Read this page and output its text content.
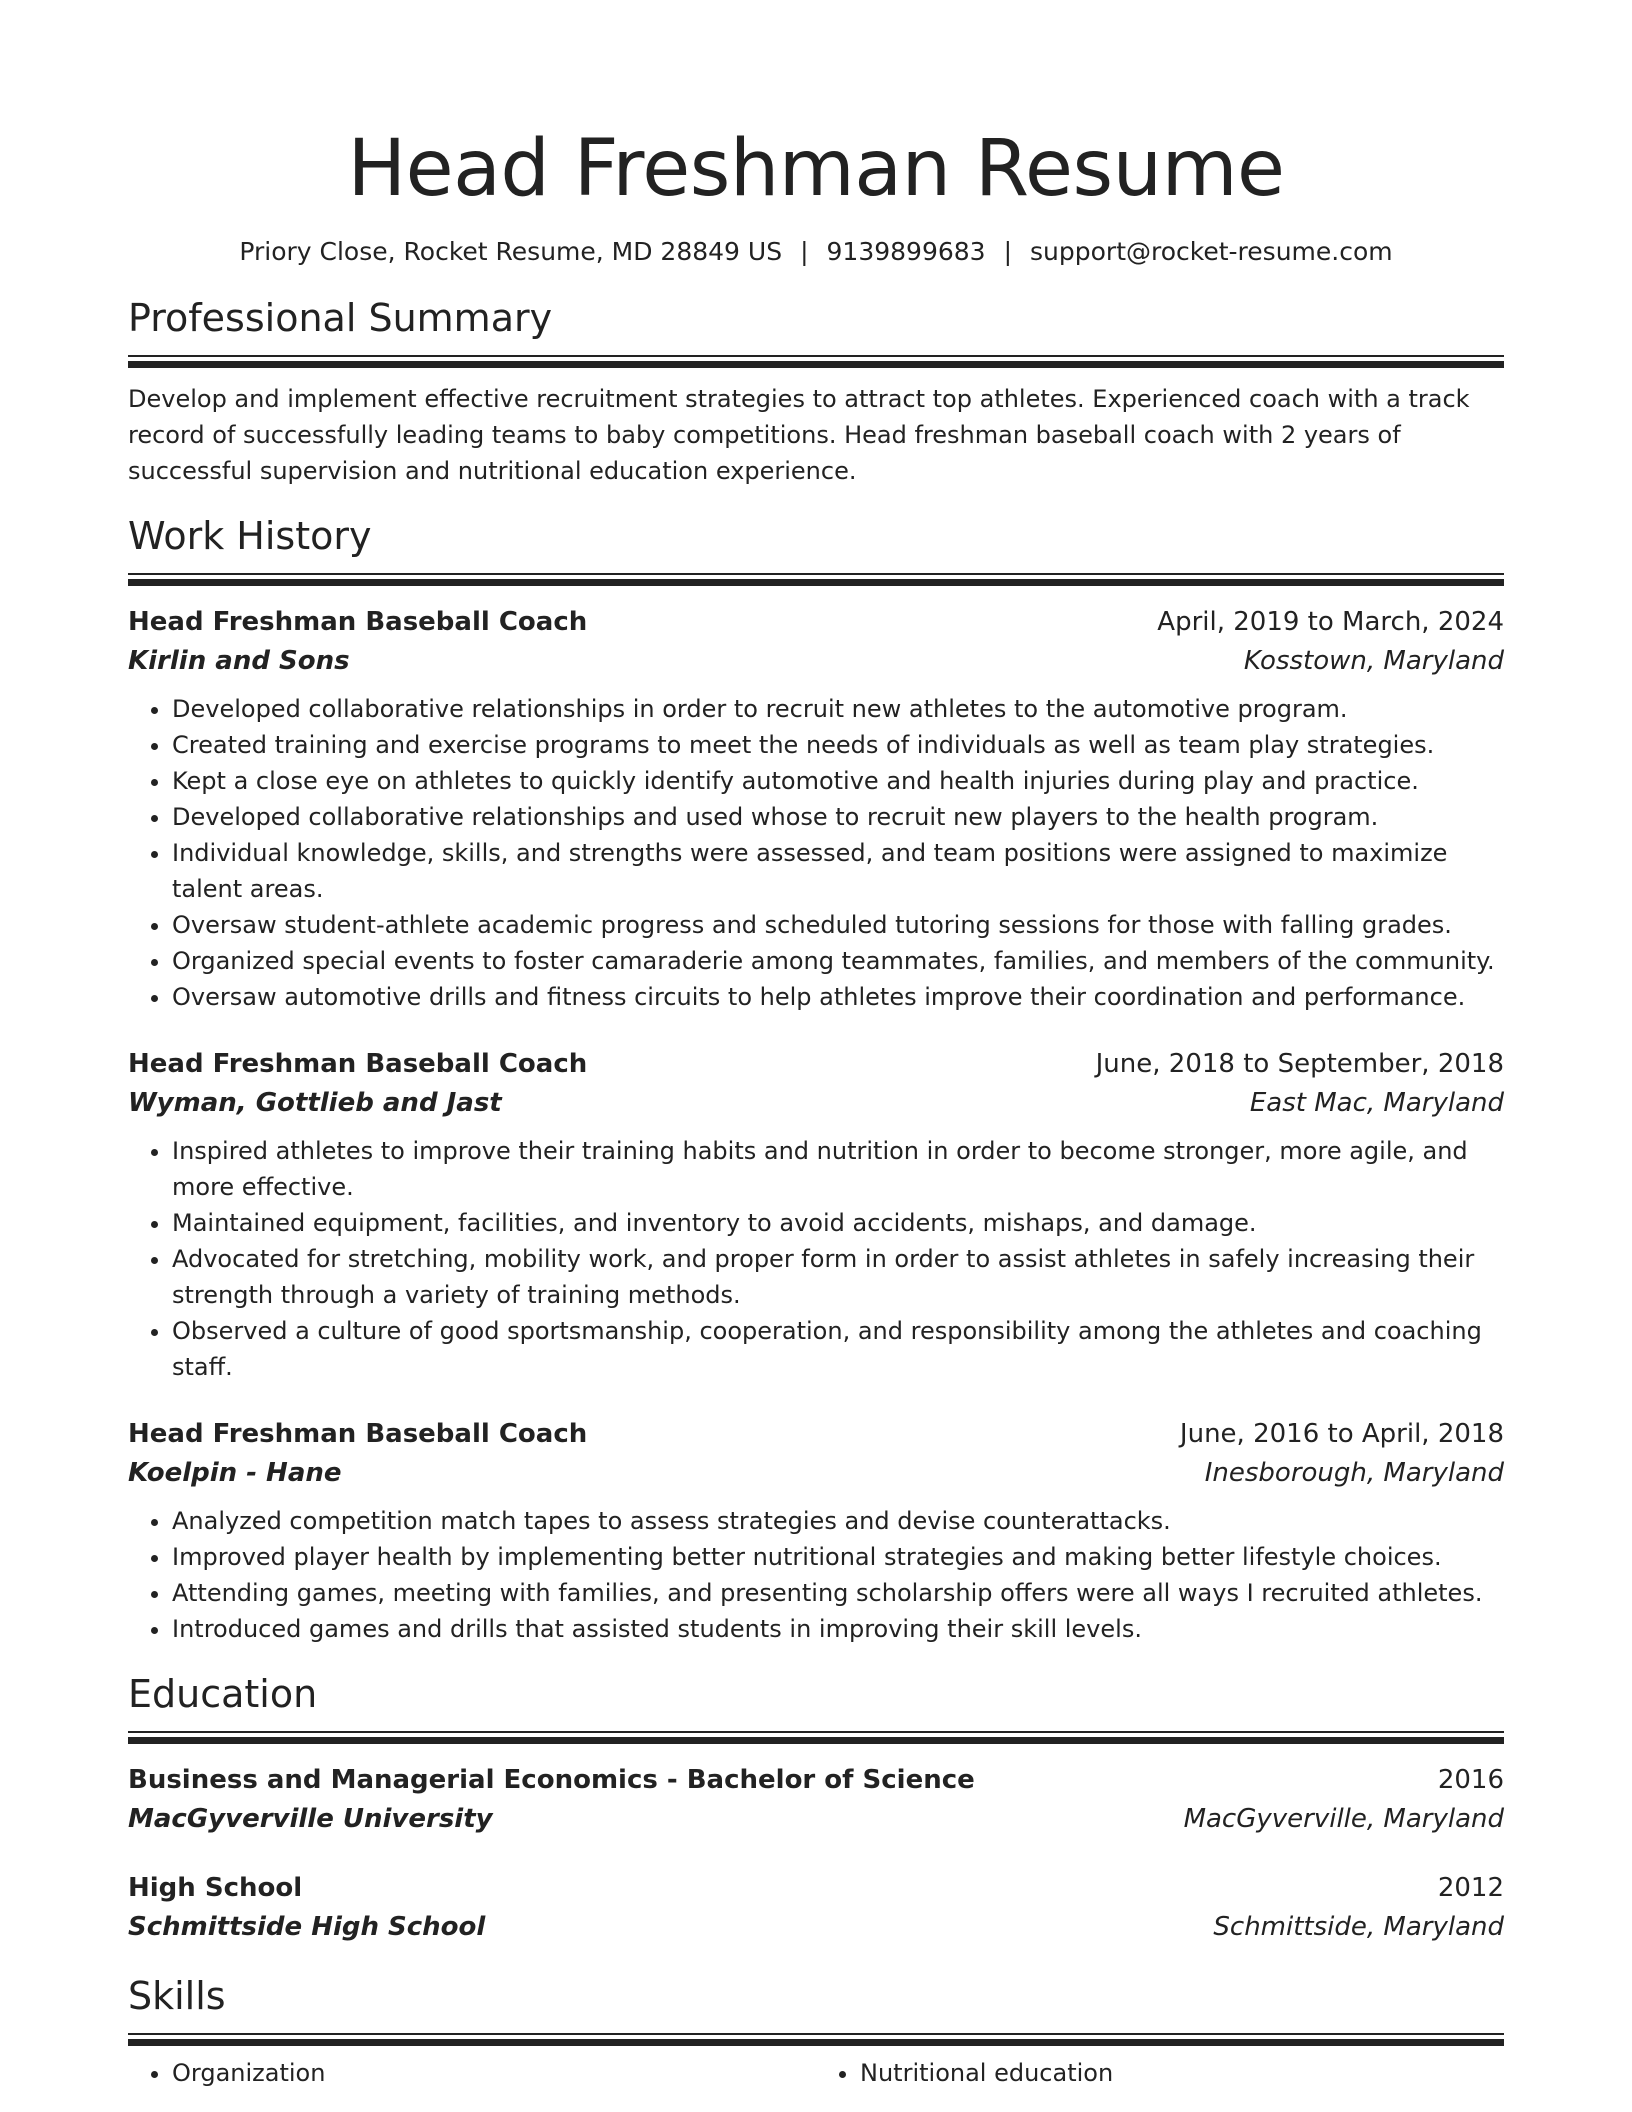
Head Freshman Resume
Priory Close, Rocket Resume, MD 28849 US | 9139899683 | support@rocket-resume.com
Professional Summary
Develop and implement effective recruitment strategies to attract top athletes. Experienced coach with a track record of successfully leading teams to baby competitions. Head freshman baseball coach with 2 years of successful supervision and nutritional education experience.
Work History
Head Freshman Baseball Coach	April, 2019 to March, 2024
Kirlin and Sons	Kosstown, Maryland
• Developed collaborative relationships in order to recruit new athletes to the automotive program.
• Created training and exercise programs to meet the needs of individuals as well as team play strategies.
• Kept a close eye on athletes to quickly identify automotive and health injuries during play and practice.
• Developed collaborative relationships and used whose to recruit new players to the health program.
• Individual knowledge, skills, and strengths were assessed, and team positions were assigned to maximize talent areas.
• Oversaw student-athlete academic progress and scheduled tutoring sessions for those with falling grades.
• Organized special events to foster camaraderie among teammates, families, and members of the community.
• Oversaw automotive drills and fitness circuits to help athletes improve their coordination and performance.
Head Freshman Baseball Coach	June, 2018 to September, 2018
Wyman, Gottlieb and Jast	East Mac, Maryland
• Inspired athletes to improve their training habits and nutrition in order to become stronger, more agile, and more effective.
• Maintained equipment, facilities, and inventory to avoid accidents, mishaps, and damage.
• Advocated for stretching, mobility work, and proper form in order to assist athletes in safely increasing their strength through a variety of training methods.
• Observed a culture of good sportsmanship, cooperation, and responsibility among the athletes and coaching staff.
Head Freshman Baseball Coach	June, 2016 to April, 2018
Koelpin - Hane	Inesborough, Maryland
• Analyzed competition match tapes to assess strategies and devise counterattacks.
• Improved player health by implementing better nutritional strategies and making better lifestyle choices.
• Attending games, meeting with families, and presenting scholarship offers were all ways I recruited athletes.
• Introduced games and drills that assisted students in improving their skill levels.
Education
Business and Managerial Economics - Bachelor of Science	2016
MacGyverville University	MacGyverville, Maryland
High School	2012
Schmittside High School	Schmittside, Maryland
Skills
• Organization
•	Nutritional education
